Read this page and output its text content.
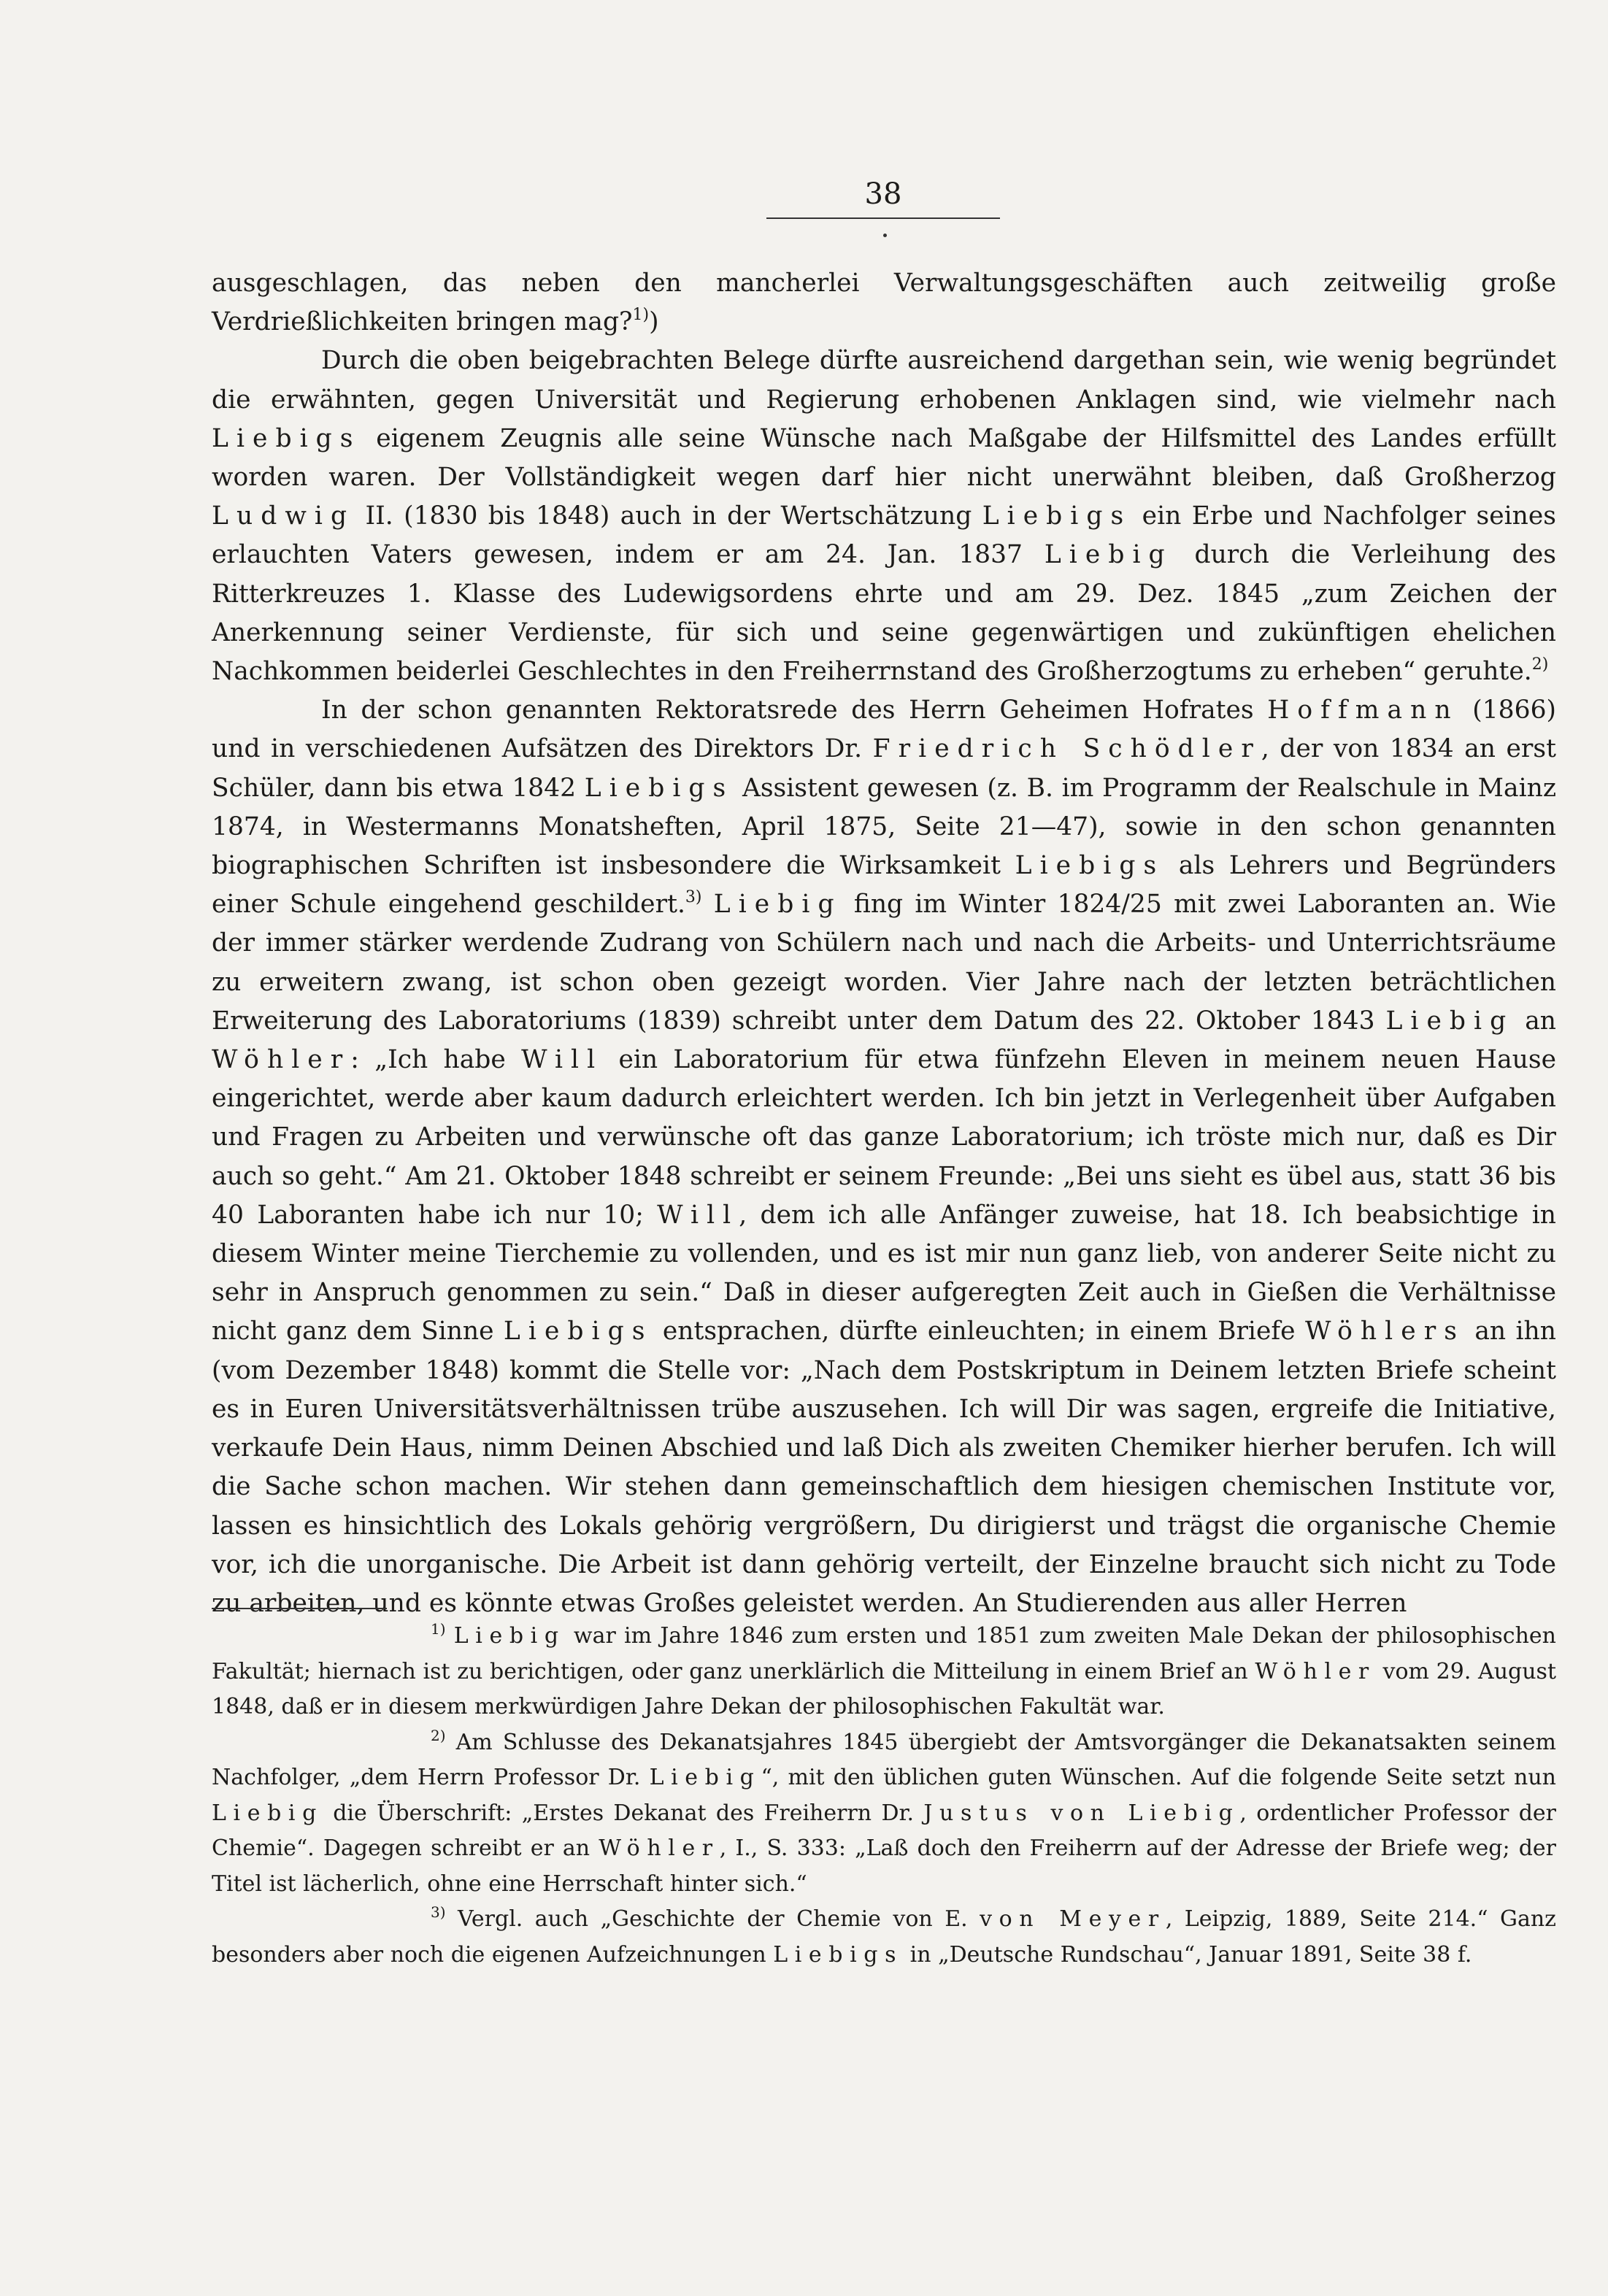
38

ausgeschlagen, das neben den mancherlei Verwaltungsgeschäften auch zeitweilig große Verdrießlichkeiten bringen mag?$^{1)}$)

Durch die oben beigebrachten Belege dürfte ausreichend dargethan sein, wie wenig begründet die erwähnten, gegen Universität und Regierung erhobenen Anklagen sind, wie vielmehr nach Liebigs eigenem Zeugnis alle seine Wünsche nach Maßgabe der Hilfsmittel des Landes erfüllt worden waren. Der Vollständigkeit wegen darf hier nicht unerwähnt bleiben, daß Großherzog Ludwig II. (1830 bis 1848) auch in der Wertschätzung Liebigs ein Erbe und Nachfolger seines erlauchten Vaters gewesen, indem er am 24. Jan. 1837 Liebig durch die Verleihung des Ritterkreuzes 1. Klasse des Ludewigsordens ehrte und am 29. Dez. 1845 „zum Zeichen der Anerkennung seiner Verdienste, für sich und seine gegenwärtigen und zukünftigen ehelichen Nachkommen beiderlei Geschlechtes in den Freiherrnstand des Großherzogtums zu erheben“ geruhte.$^{2)}$

In der schon genannten Rektoratsrede des Herrn Geheimen Hofrates Hoffmann (1866) und in verschiedenen Aufsätzen des Direktors Dr. Friedrich Schödler, der von 1834 an erst Schüler, dann bis etwa 1842 Liebigs Assistent gewesen (z. B. im Programm der Realschule in Mainz 1874, in Westermanns Monatsheften, April 1875, Seite 21—47), sowie in den schon genannten biographischen Schriften ist insbesondere die Wirksamkeit Liebigs als Lehrers und Begründers einer Schule eingehend geschildert.$^{3)}$ Liebig fing im Winter 1824/25 mit zwei Laboranten an. Wie der immer stärker werdende Zudrang von Schülern nach und nach die Arbeits- und Unterrichtsräume zu erweitern zwang, ist schon oben gezeigt worden. Vier Jahre nach der letzten beträchtlichen Erweiterung des Laboratoriums (1839) schreibt unter dem Datum des 22. Oktober 1843 Liebig an Wöhler: „Ich habe Will ein Laboratorium für etwa fünfzehn Eleven in meinem neuen Hause eingerichtet, werde aber kaum dadurch erleichtert werden. Ich bin jetzt in Verlegenheit über Aufgaben und Fragen zu Arbeiten und verwünsche oft das ganze Laboratorium; ich tröste mich nur, daß es Dir auch so geht.“ Am 21. Oktober 1848 schreibt er seinem Freunde: „Bei uns sieht es übel aus, statt 36 bis 40 Laboranten habe ich nur 10; Will, dem ich alle Anfänger zuweise, hat 18. Ich beabsichtige in diesem Winter meine Tierchemie zu vollenden, und es ist mir nun ganz lieb, von anderer Seite nicht zu sehr in Anspruch genommen zu sein.“ Daß in dieser aufgeregten Zeit auch in Gießen die Verhältnisse nicht ganz dem Sinne Liebigs entsprachen, dürfte einleuchten; in einem Briefe Wöhlers an ihn (vom Dezember 1848) kommt die Stelle vor: „Nach dem Postskriptum in Deinem letzten Briefe scheint es in Euren Universitätsverhältnissen trübe auszusehen. Ich will Dir was sagen, ergreife die Initiative, verkaufe Dein Haus, nimm Deinen Abschied und laß Dich als zweiten Chemiker hierher berufen. Ich will die Sache schon machen. Wir stehen dann gemeinschaftlich dem hiesigen chemischen Institute vor, lassen es hinsichtlich des Lokals gehörig vergrößern, Du dirigierst und trägst die organische Chemie vor, ich die unorganische. Die Arbeit ist dann gehörig verteilt, der Einzelne braucht sich nicht zu Tode zu arbeiten, und es könnte etwas Großes geleistet werden. An Studierenden aus aller Herren

$^{1)}$ Liebig war im Jahre 1846 zum ersten und 1851 zum zweiten Male Dekan der philosophischen Fakultät; hiernach ist zu berichtigen, oder ganz unerklärlich die Mitteilung in einem Brief an Wöhler vom 29. August 1848, daß er in diesem merkwürdigen Jahre Dekan der philosophischen Fakultät war.

$^{2)}$ Am Schlusse des Dekanatsjahres 1845 übergiebt der Amtsvorgänger die Dekanatsakten seinem Nachfolger, „dem Herrn Professor Dr. Liebig“, mit den üblichen guten Wünschen. Auf die folgende Seite setzt nun Liebig die Überschrift: „Erstes Dekanat des Freiherrn Dr. Justus von Liebig, ordentlicher Professor der Chemie“. Dagegen schreibt er an Wöhler, I., S. 333: „Laß doch den Freiherrn auf der Adresse der Briefe weg; der Titel ist lächerlich, ohne eine Herrschaft hinter sich.“

$^{3)}$ Vergl. auch „Geschichte der Chemie von E. von Meyer, Leipzig, 1889, Seite 214.“ Ganz besonders aber noch die eigenen Aufzeichnungen Liebigs in „Deutsche Rundschau“, Januar 1891, Seite 38 f.
